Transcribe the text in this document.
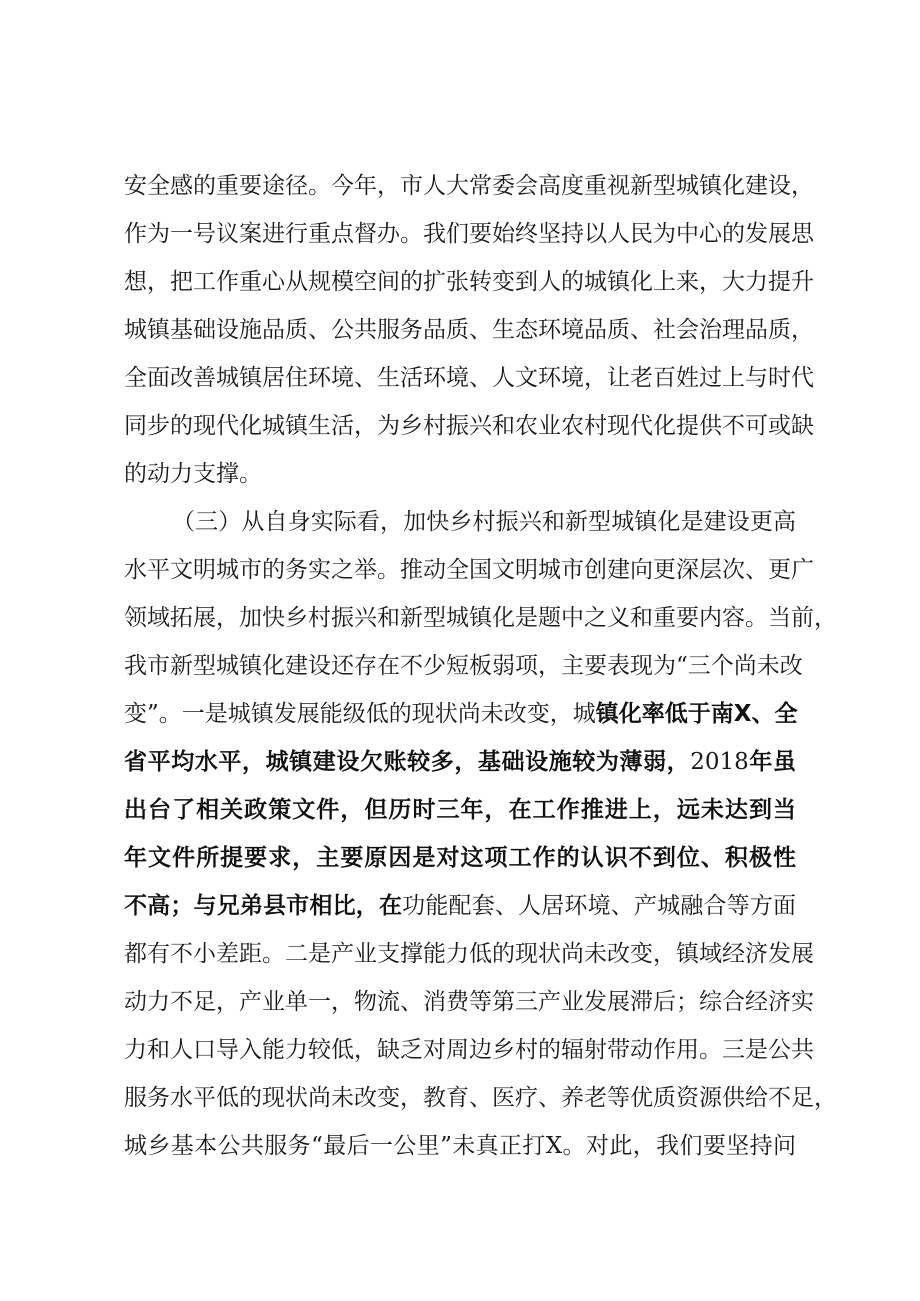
安全感的重要途径。今年，市人大常委会高度重视新型城镇化建设，
作为一号议案进行重点督办。我们要始终坚持以人民为中心的发展思
想，把工作重心从规模空间的扩张转变到人的城镇化上来，大力提升
城镇基础设施品质、公共服务品质、生态环境品质、社会治理品质，
全面改善城镇居住环境、生活环境、人文环境，让老百姓过上与时代
同步的现代化城镇生活，为乡村振兴和农业农村现代化提供不可或缺
的动力支撑。
（三）从自身实际看，加快乡村振兴和新型城镇化是建设更高
水平文明城市的务实之举。推动全国文明城市创建向更深层次、更广
领域拓展，加快乡村振兴和新型城镇化是题中之义和重要内容。当前，
我市新型城镇化建设还存在不少短板弱项，主要表现为“三个尚未改
变”。一是城镇发展能级低的现状尚未改变，城镇化率低于南X、全
省平均水平，城镇建设欠账较多，基础设施较为薄弱，2018年虽
出台了相关政策文件，但历时三年，在工作推进上，远未达到当
年文件所提要求，主要原因是对这项工作的认识不到位、积极性
不高；与兄弟县市相比，在功能配套、人居环境、产城融合等方面
都有不小差距。二是产业支撑能力低的现状尚未改变，镇域经济发展
动力不足，产业单一，物流、消费等第三产业发展滞后；综合经济实
力和人口导入能力较低，缺乏对周边乡村的辐射带动作用。三是公共
服务水平低的现状尚未改变，教育、医疗、养老等优质资源供给不足，
城乡基本公共服务“最后一公里”未真正打X。对此，我们要坚持问
